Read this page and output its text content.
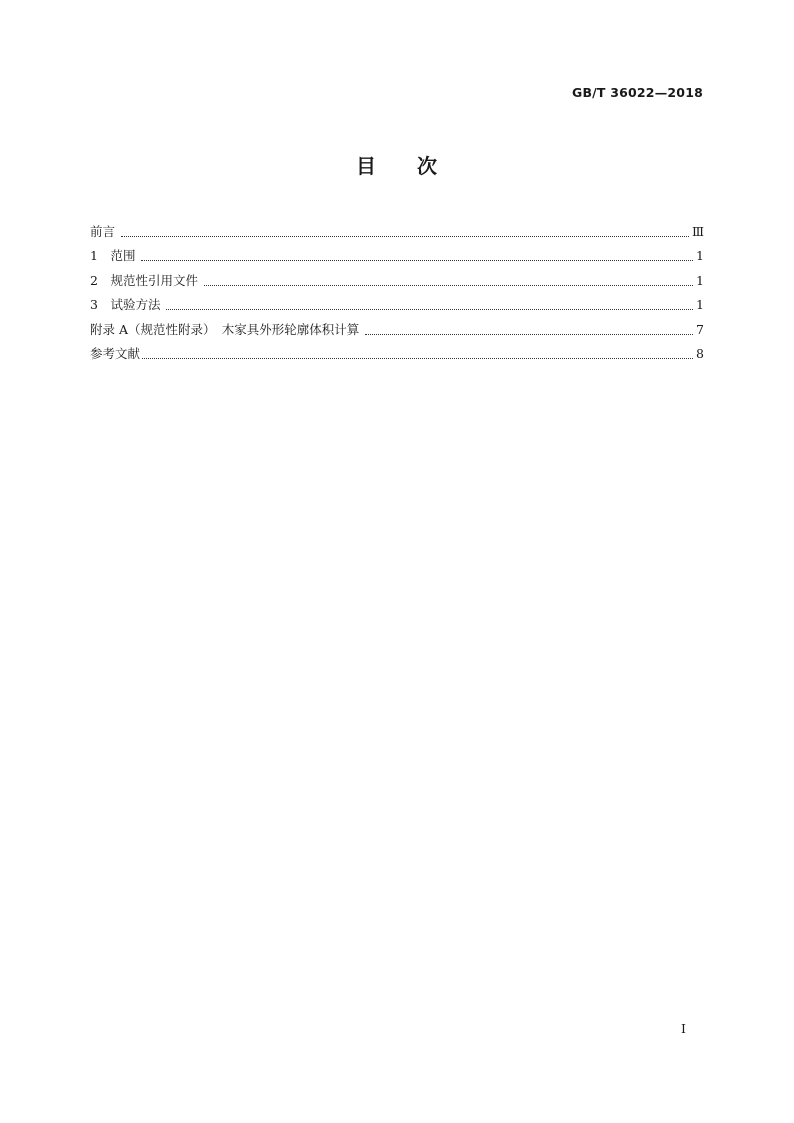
GB/T 36022—2018
目 次
前言	Ⅲ
1　范围	1
2　规范性引用文件	1
3　试验方法	1
附录 A（规范性附录）　木家具外形轮廓体积计算	7
参考文献	8
Ⅰ
